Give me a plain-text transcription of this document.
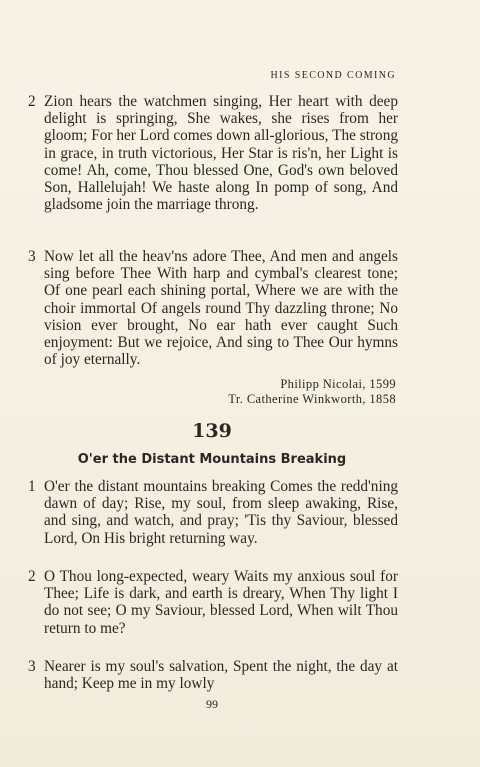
HIS SECOND COMING
2 Zion hears the watchmen singing, Her heart with deep delight is springing, She wakes, she rises from her gloom; For her Lord comes down all-glorious, The strong in grace, in truth victorious, Her Star is ris'n, her Light is come! Ah, come, Thou blessed One, God's own beloved Son, Hallelujah! We haste along In pomp of song, And gladsome join the marriage throng.
3 Now let all the heav'ns adore Thee, And men and angels sing before Thee With harp and cymbal's clearest tone; Of one pearl each shining portal, Where we are with the choir immortal Of angels round Thy dazzling throne; No vision ever brought, No ear hath ever caught Such enjoyment: But we rejoice, And sing to Thee Our hymns of joy eternally.
Philipp Nicolai, 1599
Tr. Catherine Winkworth, 1858
139
O'er the Distant Mountains Breaking
1 O'er the distant mountains breaking Comes the redd'ning dawn of day; Rise, my soul, from sleep awaking, Rise, and sing, and watch, and pray; 'Tis thy Saviour, blessed Lord, On His bright returning way.
2 O Thou long-expected, weary Waits my anxious soul for Thee; Life is dark, and earth is dreary, When Thy light I do not see; O my Saviour, blessed Lord, When wilt Thou return to me?
3 Nearer is my soul's salvation, Spent the night, the day at hand; Keep me in my lowly
99
